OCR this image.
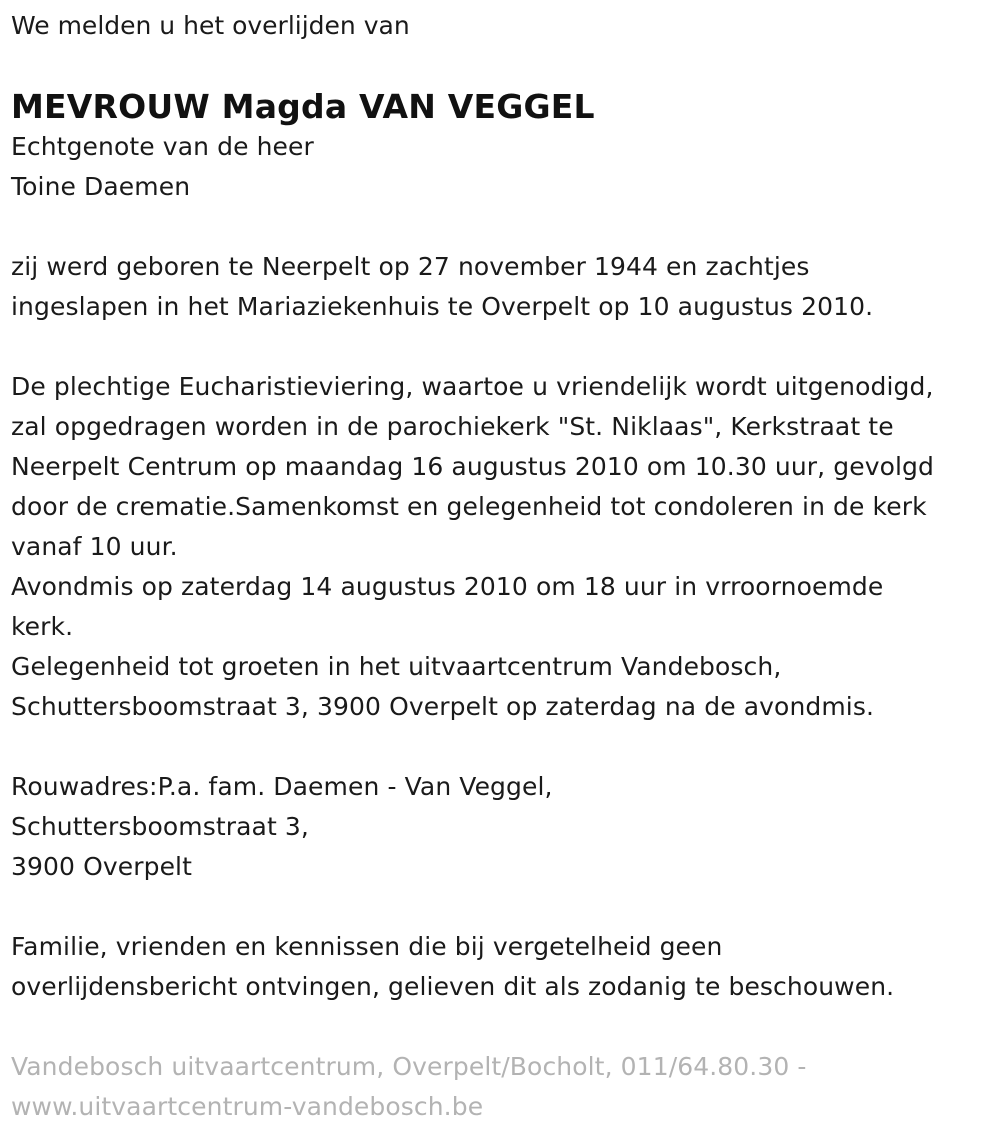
We melden u het overlijden van
MEVROUW Magda VAN VEGGEL
Echtgenote van de heer
Toine Daemen
zij werd geboren te Neerpelt op 27 november 1944 en zachtjes
ingeslapen in het Mariaziekenhuis te Overpelt op 10 augustus 2010.
De plechtige Eucharistieviering, waartoe u vriendelijk wordt uitgenodigd,
zal opgedragen worden in de parochiekerk "St. Niklaas", Kerkstraat te
Neerpelt Centrum op maandag 16 augustus 2010 om 10.30 uur, gevolgd
door de crematie.Samenkomst en gelegenheid tot condoleren in de kerk
vanaf 10 uur.
Avondmis op zaterdag 14 augustus 2010 om 18 uur in vrroornoemde
kerk.
Gelegenheid tot groeten in het uitvaartcentrum Vandebosch,
Schuttersboomstraat 3, 3900 Overpelt op zaterdag na de avondmis.
Rouwadres:P.a. fam. Daemen - Van Veggel,
Schuttersboomstraat 3,
3900 Overpelt
Familie, vrienden en kennissen die bij vergetelheid geen
overlijdensbericht ontvingen, gelieven dit als zodanig te beschouwen.
Vandebosch uitvaartcentrum, Overpelt/Bocholt, 011/64.80.30 -
www.uitvaartcentrum-vandebosch.be
